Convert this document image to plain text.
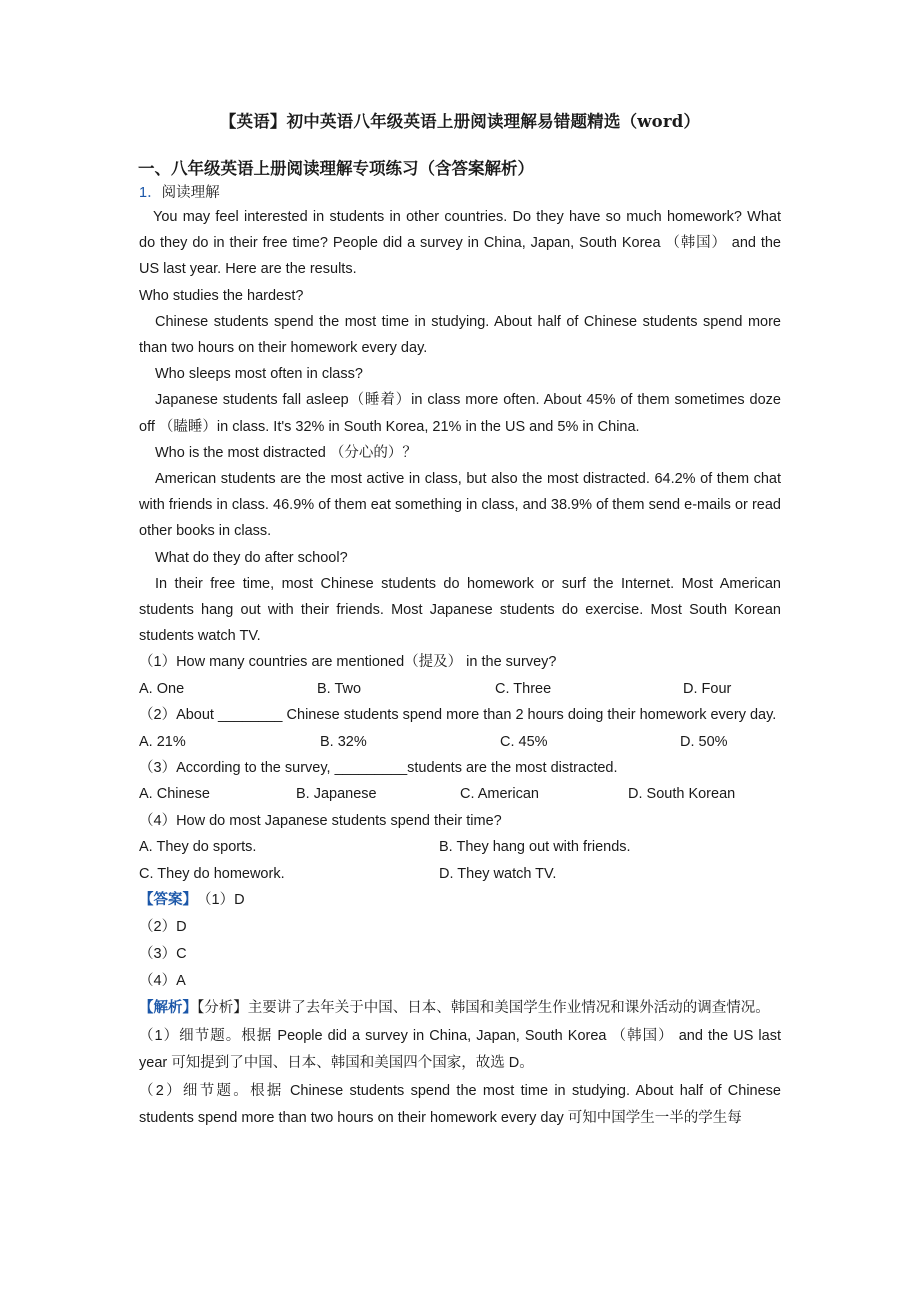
【英语】初中英语八年级英语上册阅读理解易错题精选（word）
一、八年级英语上册阅读理解专项练习（含答案解析）
1．阅读理解

You may feel interested in students in other countries. Do they have so much homework? What do they do in their free time? People did a survey in China, Japan, South Korea （韩国） and the US last year. Here are the results.

Who studies the hardest?

Chinese students spend the most time in studying. About half of Chinese students spend more than two hours on their homework every day.

Who sleeps most often in class?

Japanese students fall asleep（睡着）in class more often. About 45% of them sometimes doze off （瞌睡）in class. It's 32% in South Korea, 21% in the US and 5% in China.

Who is the most distracted （分心的）？

American students are the most active in class, but also the most distracted. 64.2% of them chat with friends in class. 46.9% of them eat something in class, and 38.9% of them send e-mails or read other books in class.

What do they do after school?

In their free time, most Chinese students do homework or surf the Internet. Most American students hang out with their friends. Most Japanese students do exercise. Most South Korean students watch TV.

（1）How many countries are mentioned（提及） in the survey?

A. One	B. Two	C. Three	D. Four

（2）About ________ Chinese students spend more than 2 hours doing their homework every day.

A. 21%	B. 32%	C. 45%	D. 50%

（3）According to the survey, _________students are the most distracted.

A. Chinese	B. Japanese	C. American	D. South Korean

（4）How do most Japanese students spend their time?

A. They do sports.	B. They hang out with friends.
C. They do homework.	D. They watch TV.
【答案】 （1）D

（2）D

（3）C

（4）A

【解析】【分析】主要讲了去年关于中国、日本、韩国和美国学生作业情况和课外活动的调查情况。

（1）细节题。根据 People did a survey in China, Japan, South Korea （韩国） and the US last year 可知提到了中国、日本、韩国和美国四个国家，故选 D。

（2）细节题。根据 Chinese students spend the most time in studying. About half of Chinese students spend more than two hours on their homework every day 可知中国学生一半的学生每
